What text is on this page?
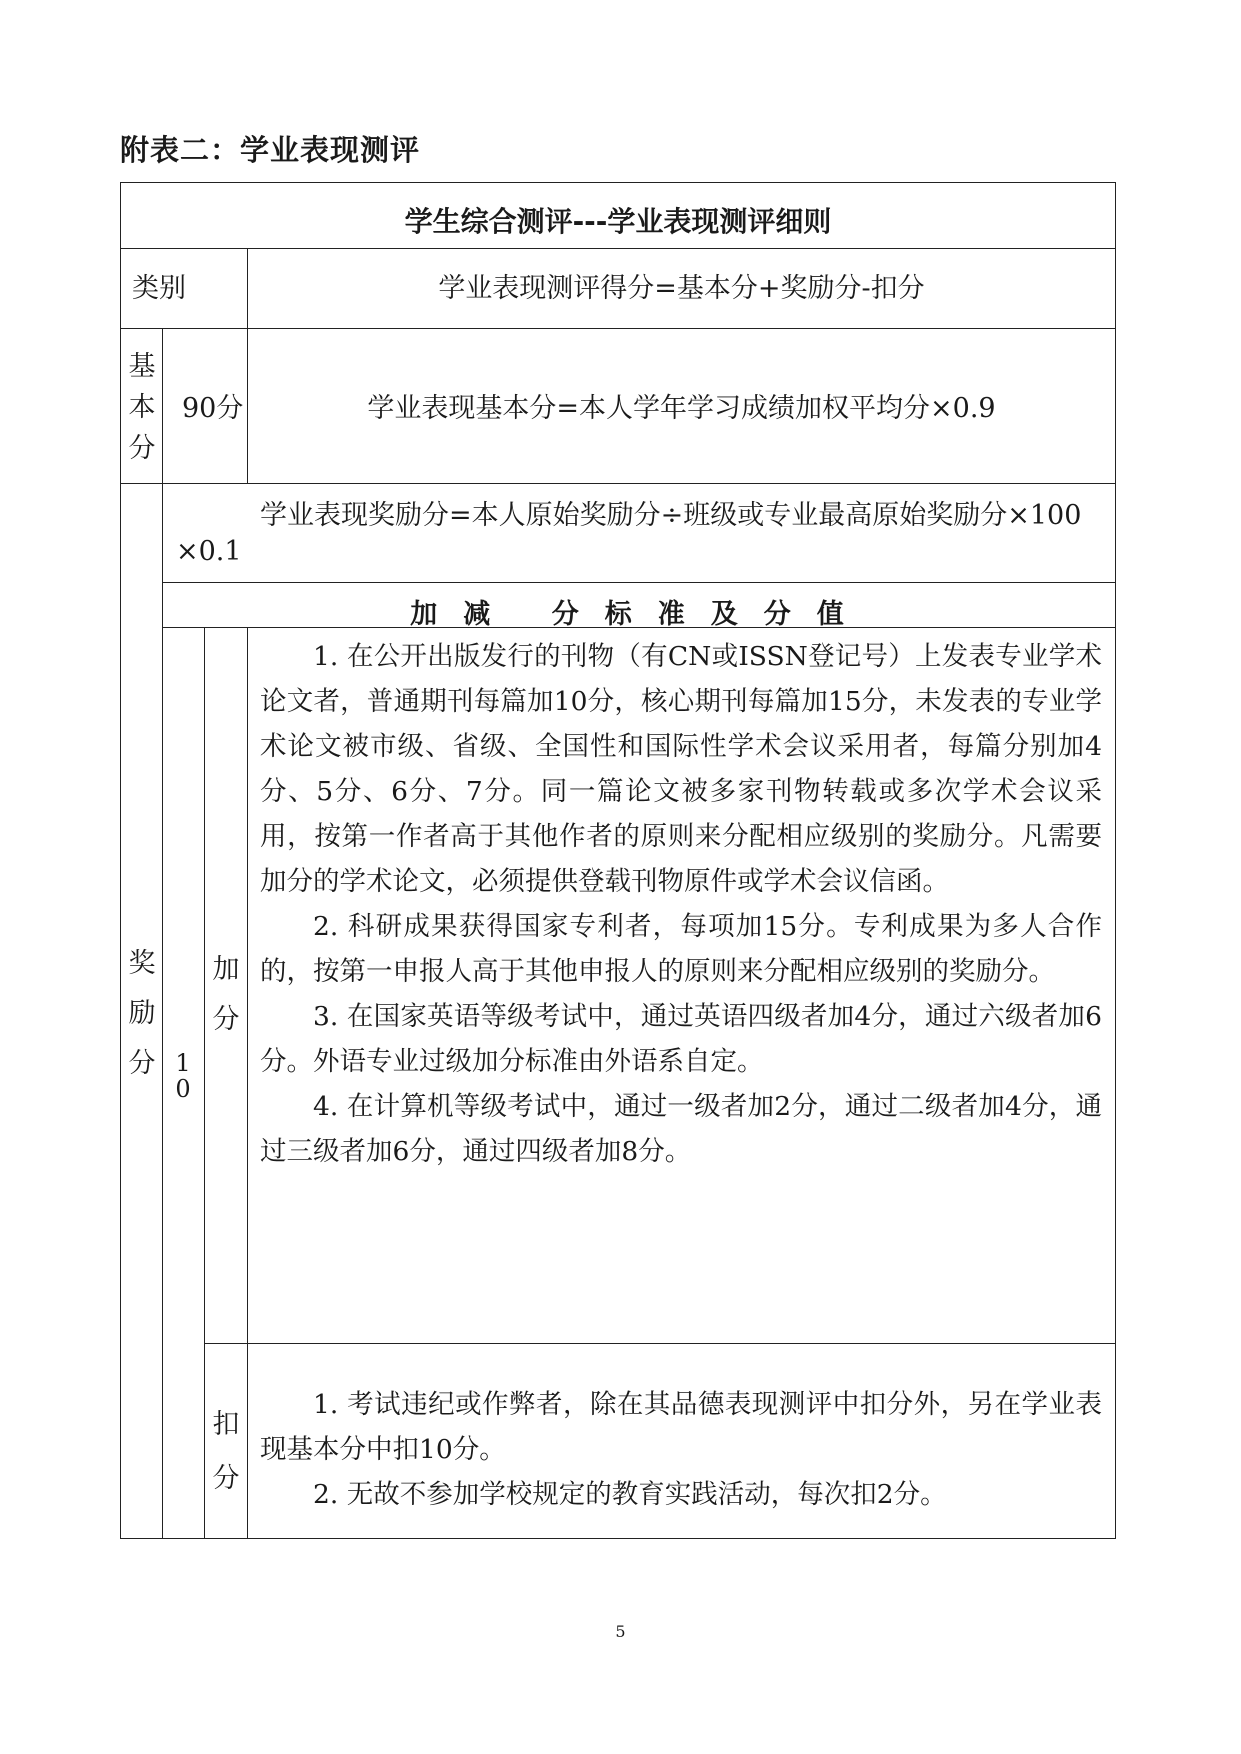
附表二：学业表现测评
学生综合测评---学业表现测评细则
类别	学业表现测评得分=基本分+奖励分-扣分
基
本
分
90分	学业表现基本分=本人学年学习成绩加权平均分×0.9
学业表现奖励分=本人原始奖励分÷班级或专业最高原始奖励分×100
×0.1
加减 分标准及分值
奖
励
分 1
0
加
分

1. 在公开出版发行的刊物（有CN或ISSN登记号）上发表专业学术论文者，普通期刊每篇加10分，核心期刊每篇加15分，未发表的专业学术论文被市级、省级、全国性和国际性学术会议采用者，每篇分别加4分、5分、6分、7分。同一篇论文被多家刊物转载或多次学术会议采用，按第一作者高于其他作者的原则来分配相应级别的奖励分。凡需要加分的学术论文，必须提供登载刊物原件或学术会议信函。

2. 科研成果获得国家专利者，每项加15分。专利成果为多人合作的，按第一申报人高于其他申报人的原则来分配相应级别的奖励分。

3. 在国家英语等级考试中，通过英语四级者加4分，通过六级者加6分。外语专业过级加分标准由外语系自定。

4. 在计算机等级考试中，通过一级者加2分，通过二级者加4分，通过三级者加6分，通过四级者加8分。

扣
分

1. 考试违纪或作弊者，除在其品德表现测评中扣分外，另在学业表现基本分中扣10分。

2. 无故不参加学校规定的教育实践活动，每次扣2分。

5
